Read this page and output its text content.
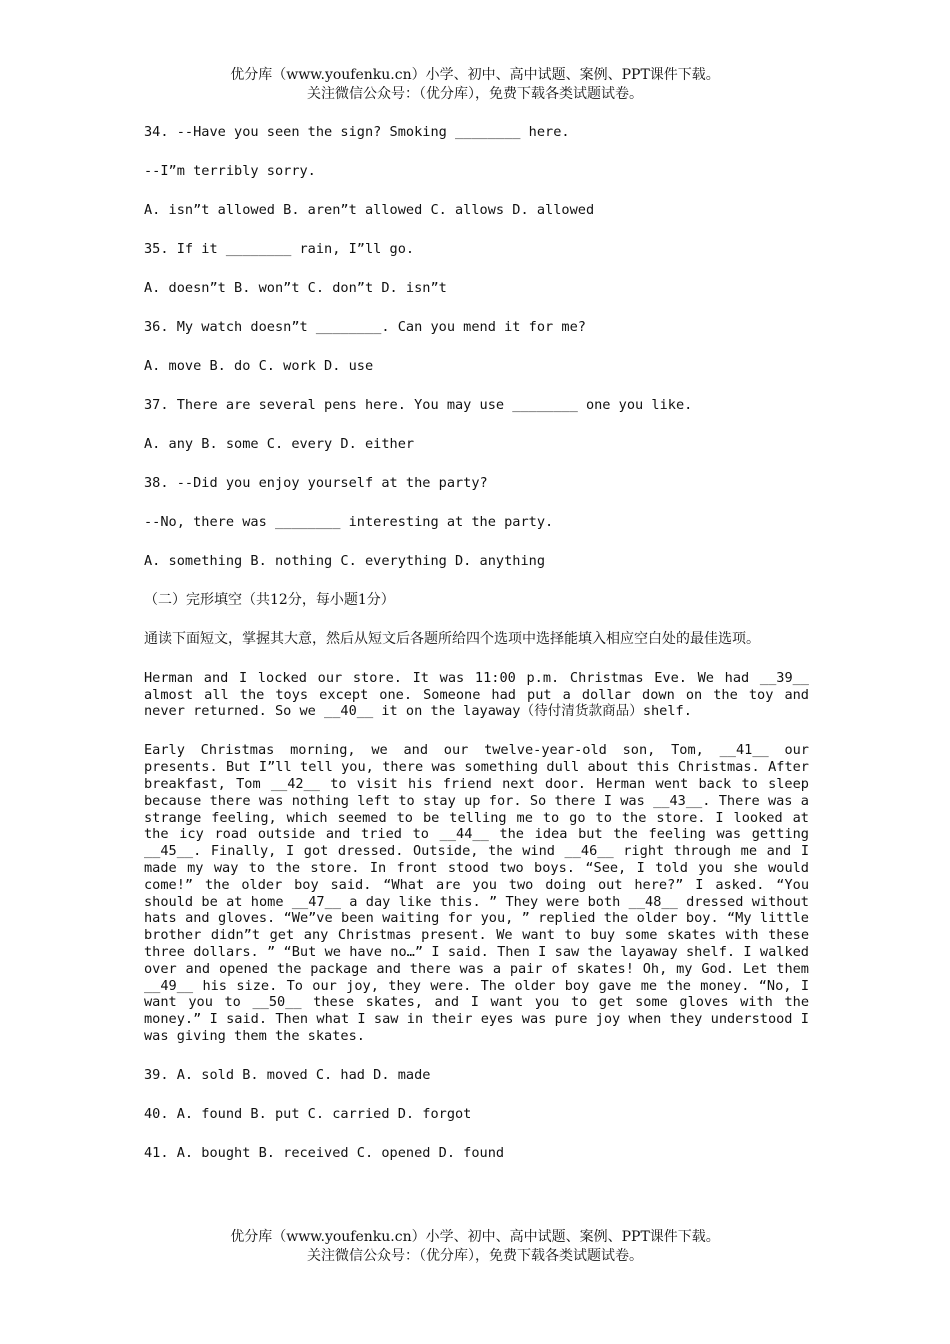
优分库（www.youfenku.cn）小学、初中、高中试题、案例、PPT课件下载。
关注微信公众号：（优分库），免费下载各类试题试卷。
34. --Have you seen the sign? Smoking ________ here.
--I”m terribly sorry.
A. isn”t allowed B. aren”t allowed C. allows D. allowed
35. If it ________ rain, I”ll go.
A. doesn”t B. won”t C. don”t D. isn”t
36. My watch doesn”t ________. Can you mend it for me?
A. move B. do C. work D. use
37. There are several pens here. You may use ________ one you like.
A. any B. some C. every D. either
38. --Did you enjoy yourself at the party?
--No, there was ________ interesting at the party.
A. something B. nothing C. everything D. anything
（二）完形填空（共12分，每小题1分）
通读下面短文，掌握其大意，然后从短文后各题所给四个选项中选择能填入相应空白处的最佳选项。
Herman and I locked our store. It was 11:00 p.m. Christmas Eve. We had __39__ almost all the toys except one. Someone had put a dollar down on the toy and never returned. So we __40__ it on the layaway（待付清货款商品）shelf.
Early Christmas morning, we and our twelve-year-old son, Tom, __41__ our presents. But I”ll tell you, there was something dull about this Christmas. After breakfast, Tom __42__ to visit his friend next door. Herman went back to sleep because there was nothing left to stay up for. So there I was __43__. There was a strange feeling, which seemed to be telling me to go to the store. I looked at the icy road outside and tried to __44__ the idea but the feeling was getting __45__. Finally, I got dressed. Outside, the wind __46__ right through me and I made my way to the store. In front stood two boys. “See, I told you she would come!” the older boy said. “What are you two doing out here?” I asked. “You should be at home __47__ a day like this. ” They were both __48__ dressed without hats and gloves. “We”ve been waiting for you, ” replied the older boy. “My little brother didn”t get any Christmas present. We want to buy some skates with these three dollars. ” “But we have no…” I said. Then I saw the layaway shelf. I walked over and opened the package and there was a pair of skates! Oh, my God. Let them __49__ his size. To our joy, they were. The older boy gave me the money. “No, I want you to __50__ these skates, and I want you to get some gloves with the money.” I said. Then what I saw in their eyes was pure joy when they understood I was giving them the skates.
39. A. sold B. moved C. had D. made
40. A. found B. put C. carried D. forgot
41. A. bought B. received C. opened D. found
优分库（www.youfenku.cn）小学、初中、高中试题、案例、PPT课件下载。
关注微信公众号：（优分库），免费下载各类试题试卷。
